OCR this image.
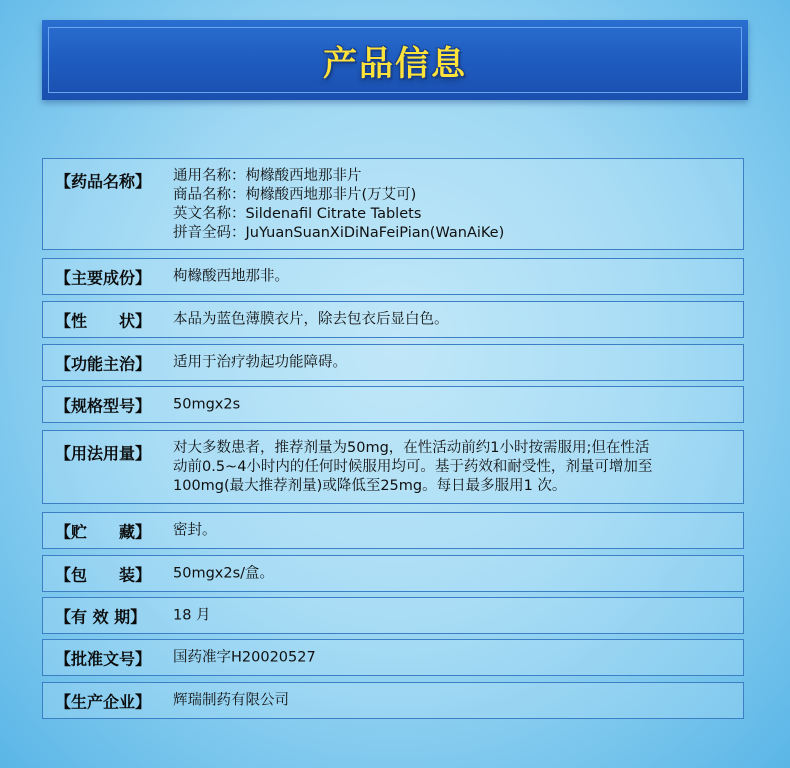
产品信息
【药品名称】 通用名称：枸橼酸西地那非片
商品名称：枸橼酸西地那非片(万艾可)
英文名称：Sildenafil Citrate Tablets
拼音全码：JuYuanSuanXiDiNaFeiPian(WanAiKe)
【主要成份】 枸橼酸西地那非。
【性　　状】 本品为蓝色薄膜衣片，除去包衣后显白色。
【功能主治】 适用于治疗勃起功能障碍。
【规格型号】 50mgx2s
【用法用量】 对大多数患者，推荐剂量为50mg，在性活动前约1小时按需服用;但在性活
动前0.5~4小时内的任何时候服用均可。基于药效和耐受性，剂量可增加至
100mg(最大推荐剂量)或降低至25mg。每日最多服用1 次。
【贮　　藏】 密封。
【包　　装】 50mgx2s/盒。
【有 效 期】 18 月
【批准文号】 国药准字H20020527
【生产企业】 辉瑞制药有限公司
